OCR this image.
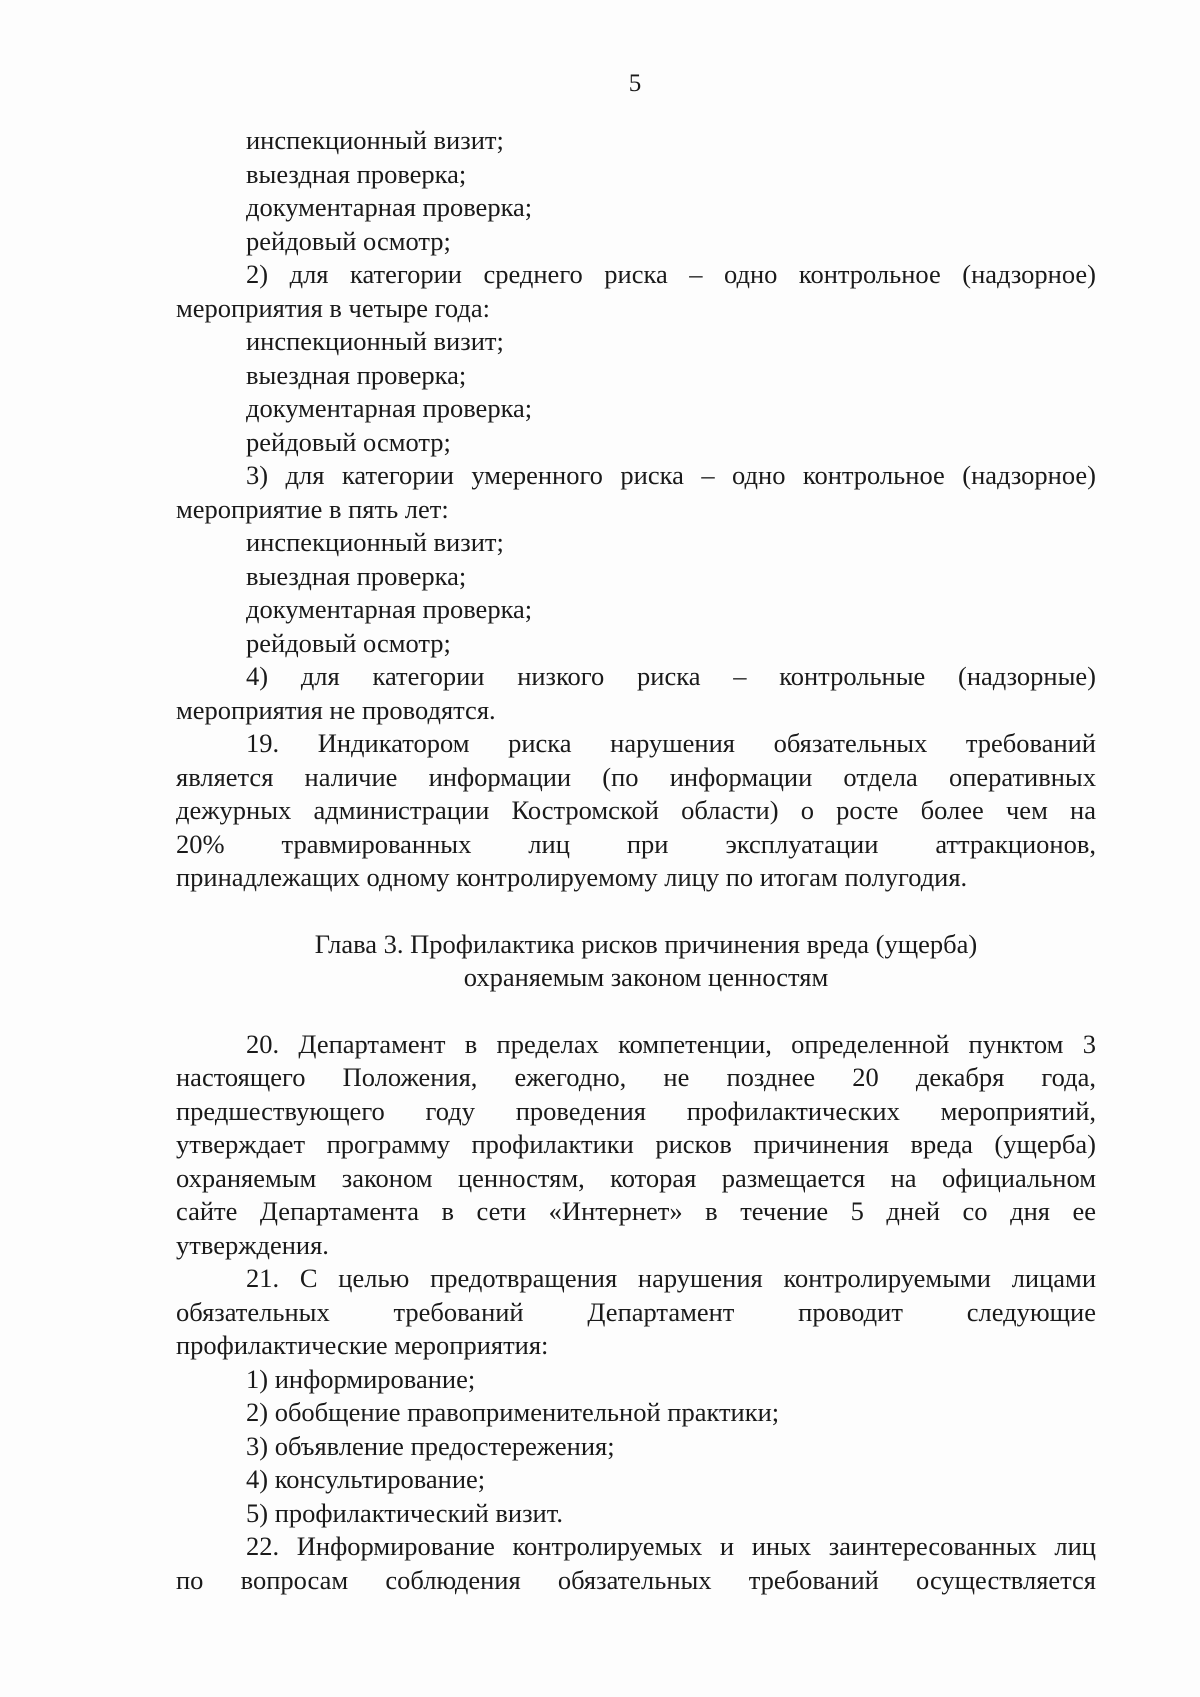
5
инспекционный визит;
выездная проверка;
документарная проверка;
рейдовый осмотр;
2) для категории среднего риска – одно контрольное (надзорное)
мероприятия в четыре года:
инспекционный визит;
выездная проверка;
документарная проверка;
рейдовый осмотр;
3) для категории умеренного риска – одно контрольное (надзорное)
мероприятие в пять лет:
инспекционный визит;
выездная проверка;
документарная проверка;
рейдовый осмотр;
4) для категории низкого риска – контрольные (надзорные)
мероприятия не проводятся.
19. Индикатором риска нарушения обязательных требований
является наличие информации (по информации отдела оперативных
дежурных администрации Костромской области) о росте более чем на
20% травмированных лиц при эксплуатации аттракционов,
принадлежащих одному контролируемому лицу по итогам полугодия.
Глава 3. Профилактика рисков причинения вреда (ущерба)
охраняемым законом ценностям
20. Департамент в пределах компетенции, определенной пунктом 3
настоящего Положения, ежегодно, не позднее 20 декабря года,
предшествующего году проведения профилактических мероприятий,
утверждает программу профилактики рисков причинения вреда (ущерба)
охраняемым законом ценностям, которая размещается на официальном
сайте Департамента в сети «Интернет» в течение 5 дней со дня ее
утверждения.
21. С целью предотвращения нарушения контролируемыми лицами
обязательных требований Департамент проводит следующие
профилактические мероприятия:
1) информирование;
2) обобщение правоприменительной практики;
3) объявление предостережения;
4) консультирование;
5) профилактический визит.
22. Информирование контролируемых и иных заинтересованных лиц
по вопросам соблюдения обязательных требований осуществляется
